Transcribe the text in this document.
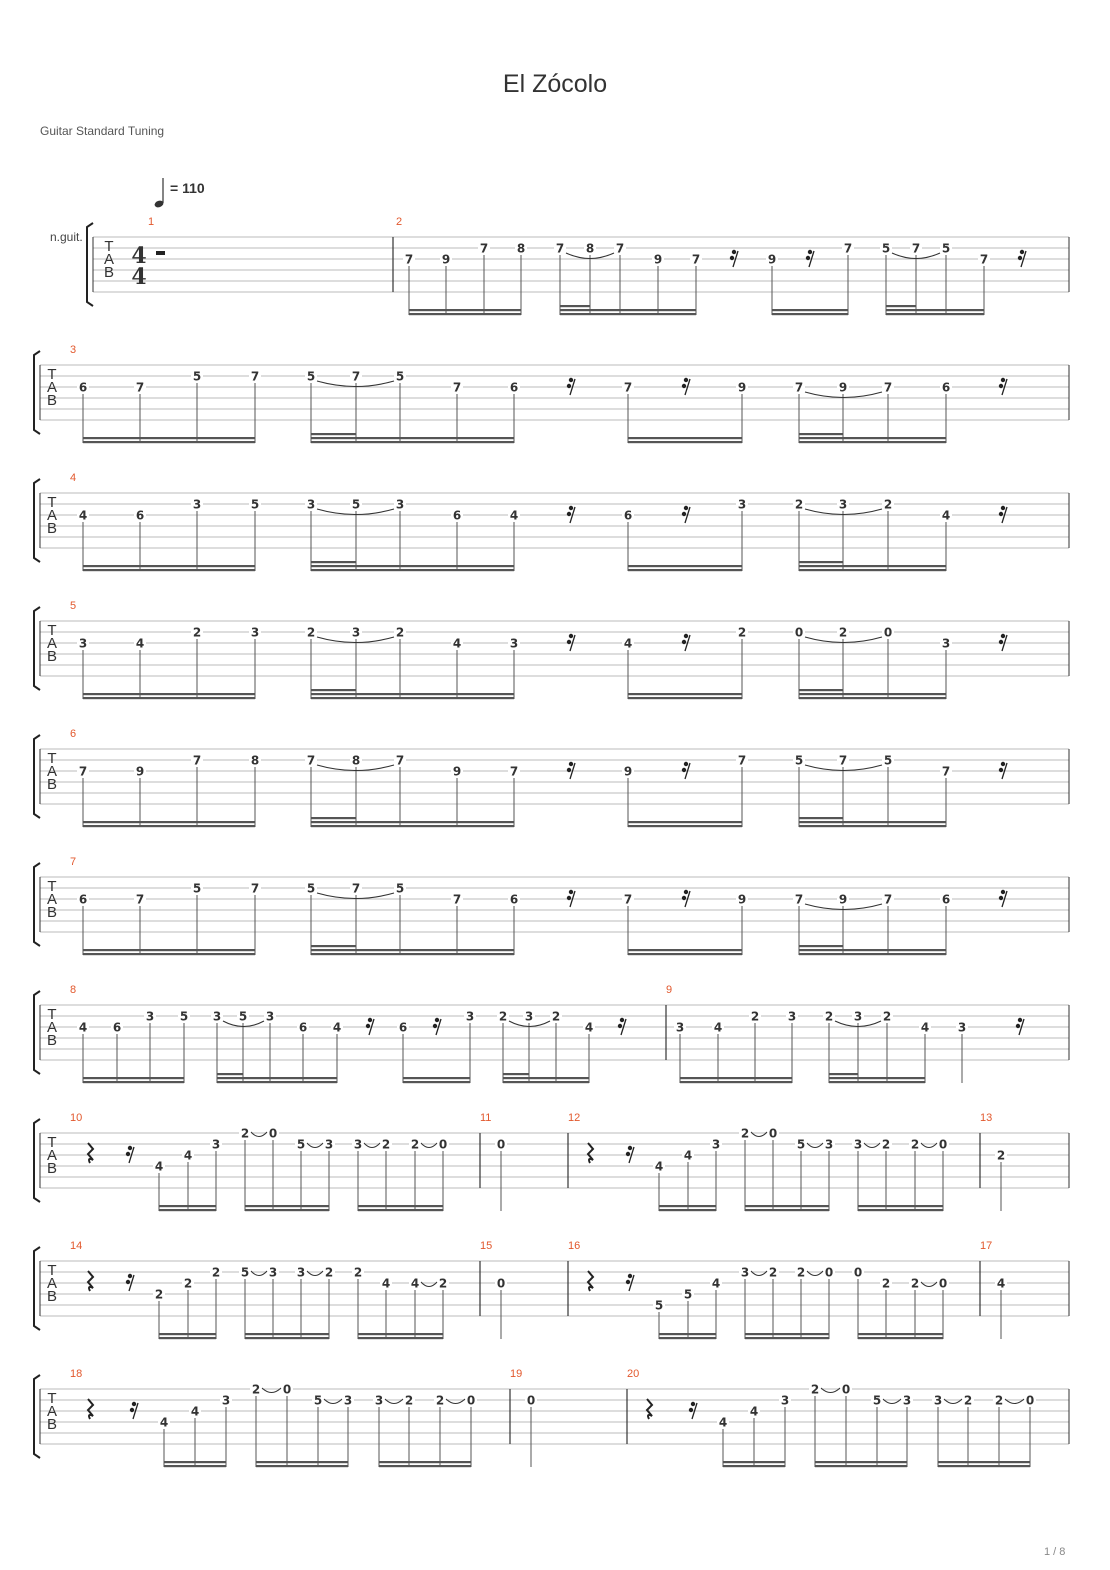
El Zócolo
Guitar Standard Tuning
= 110
n.guit.
1 / 8
T
A
B
4
4
1	2
7 9
7 8	7 8 7
9 7	9
7 5 7 5
7
T
A
B
3
6	7
5	7	5	7	5
7	6	7	9	7	9	7	6
T
A
B
4
4	6
3	5	3	5	3
6	4	6
3	2	3	2
4
T
A
B
5
3	4
2	3	2	3	2
4	3	4
2	0	2	0
3
T
A
B
6
7	9
7	8	7	8	7
9	7	9
7	5	7	5
7
T
A
B
7
6	7
5	7	5	7	5
7	6	7	9	7	9	7	6
T
A
B
8	9
4 6
3 5 3 5 3
6 4	6
3 2 3 2
4	3 4
2 3 2 3 2
4 3
T
A
B
10	11	12	13
4
4
3
2 0
5 3 3 2 2 0	0
4
4
3
2 0
5 3 3 2 2 0
2
T
A
B
14	15	16	17
2
2
2 5 3 3 2 2
4 4 2	0
5
5
4
3 2 2 0 0
2 2 0	4
T
A
B
18	19	20
4
4
3
2 0
5 3 3 2 2 0	0
4
4
3
2 0
5 3 3 2 2 0
